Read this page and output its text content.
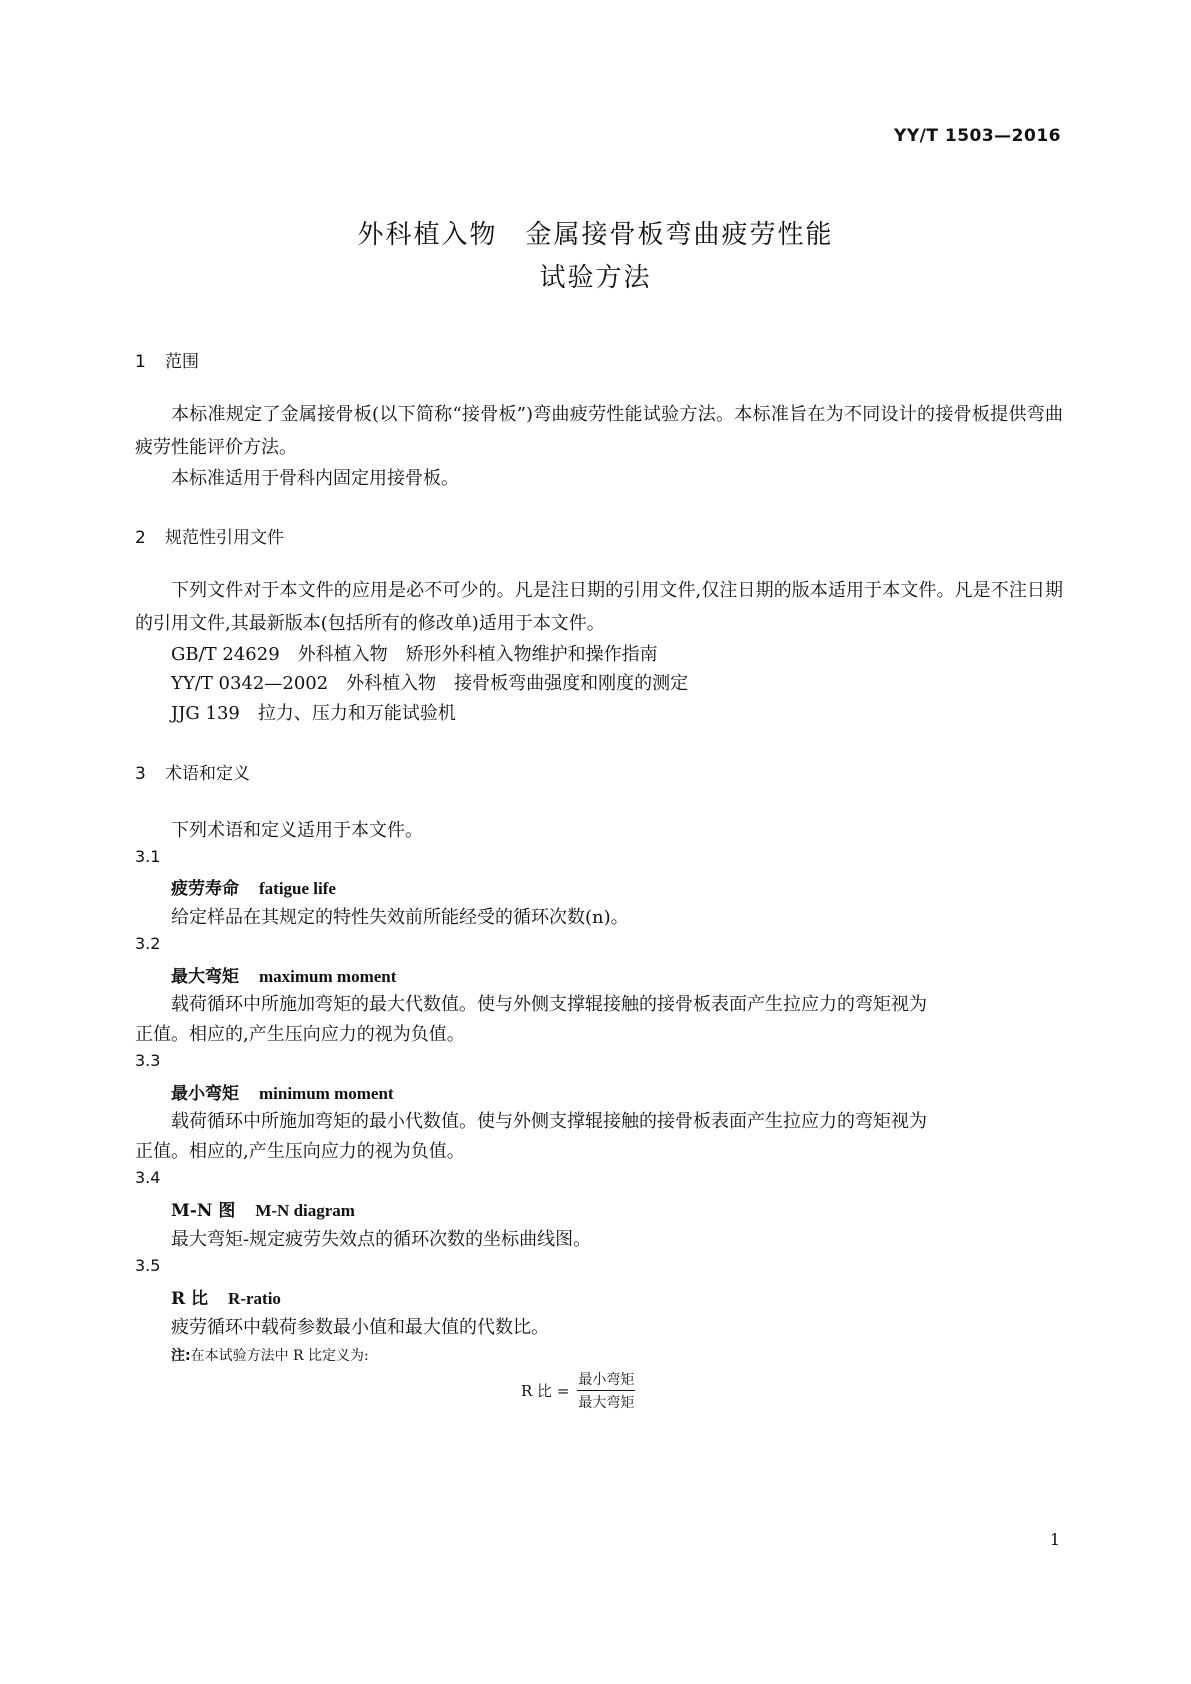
YY/T 1503—2016
外科植入物　金属接骨板弯曲疲劳性能
试验方法
1 范围
本标准规定了金属接骨板(以下简称“接骨板”)弯曲疲劳性能试验方法。本标准旨在为不同设计的接骨板提供弯曲疲劳性能评价方法。
本标准适用于骨科内固定用接骨板。
2 规范性引用文件
下列文件对于本文件的应用是必不可少的。凡是注日期的引用文件,仅注日期的版本适用于本文件。凡是不注日期的引用文件,其最新版本(包括所有的修改单)适用于本文件。
GB/T 24629　外科植入物　矫形外科植入物维护和操作指南
YY/T 0342—2002　外科植入物　接骨板弯曲强度和刚度的测定
JJG 139　拉力、压力和万能试验机
3 术语和定义
下列术语和定义适用于本文件。
3.1
疲劳寿命 fatigue life
给定样品在其规定的特性失效前所能经受的循环次数(n)。
3.2
最大弯矩 maximum moment
载荷循环中所施加弯矩的最大代数值。使与外侧支撑辊接触的接骨板表面产生拉应力的弯矩视为
正值。相应的,产生压向应力的视为负值。
3.3
最小弯矩 minimum moment
载荷循环中所施加弯矩的最小代数值。使与外侧支撑辊接触的接骨板表面产生拉应力的弯矩视为
正值。相应的,产生压向应力的视为负值。
3.4
M-N 图 M-N diagram
最大弯矩-规定疲劳失效点的循环次数的坐标曲线图。
3.5
R 比 R-ratio
疲劳循环中载荷参数最小值和最大值的代数比。
注:在本试验方法中 R 比定义为:
R 比 = $\frac{\text{最小弯矩}}{\text{最大弯矩}}$
1
